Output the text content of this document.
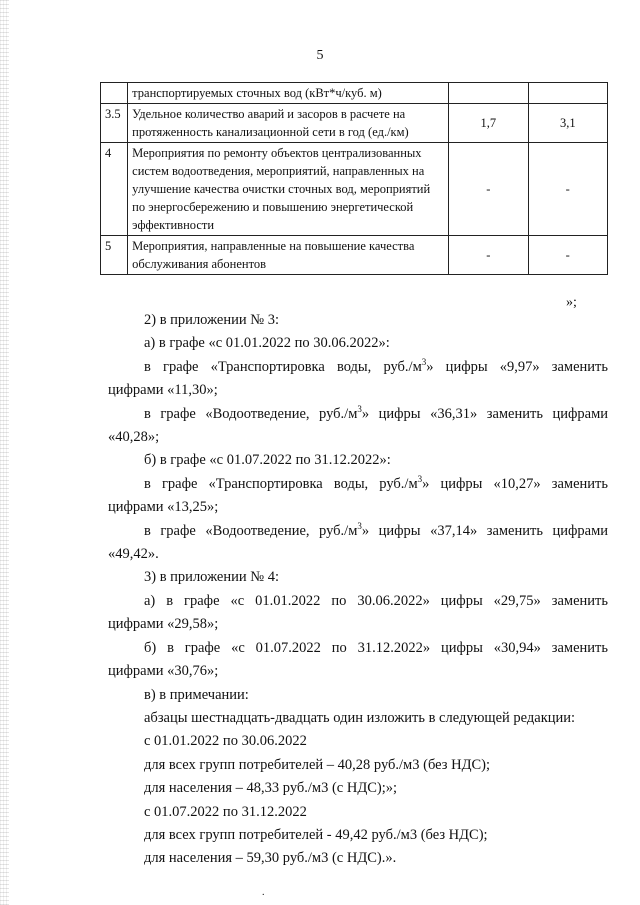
5
	транспортируемых сточных вод (кВт*ч/куб. м)		
3.5	Удельное количество аварий и засоров в расчете на протяженность канализационной сети в год (ед./км)	1,7	3,1
4	Мероприятия по ремонту объектов централизованных систем водоотведения, мероприятий, направленных на улучшение качества очистки сточных вод, мероприятий по энергосбережению и повышению энергетической эффективности	-	-
5	Мероприятия, направленные на повышение качества обслуживания абонентов	-	-
»;

2) в приложении № 3:

а) в графе «с 01.01.2022 по 30.06.2022»:

в графе «Транспортировка воды, $руб./м^3$» цифры «9,97» заменить

цифрами «11,30»;

в графе «Водоотведение, $руб./м^3$» цифры «36,31» заменить цифрами

«40,28»;

б) в графе «с 01.07.2022 по 31.12.2022»:

в графе «Транспортировка воды, $руб./м^3$» цифры «10,27» заменить

цифрами «13,25»;

в графе «Водоотведение, $руб./м^3$» цифры «37,14» заменить цифрами

«49,42».

3) в приложении № 4:

а) в графе «с 01.01.2022 по 30.06.2022» цифры «29,75» заменить

цифрами «29,58»;

б) в графе «с 01.07.2022 по 31.12.2022» цифры «30,94» заменить

цифрами «30,76»;

в) в примечании:

абзацы шестнадцать-двадцать один изложить в следующей редакции:

с 01.01.2022 по 30.06.2022

для всех групп потребителей – 40,28 руб./м3 (без НДС);

для населения – 48,33 руб./м3 (с НДС);»;

с 01.07.2022 по 31.12.2022

для всех групп потребителей - 49,42 руб./м3 (без НДС);

для населения – 59,30 руб./м3 (с НДС).».

.
